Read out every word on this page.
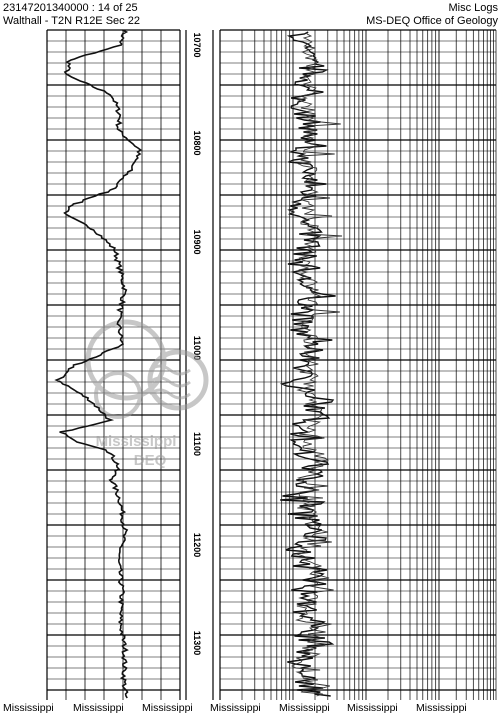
23147201340000 : 14 of 25
Walthall - T2N R12E Sec 22
Misc Logs
MS-DEQ Office of Geology
10700
10800
10900
11000
11100
11200
11300
Mississippi
DEQ
Mississippi Mississippi Mississippi Mississippi Mississippi Mississippi Mississippi
